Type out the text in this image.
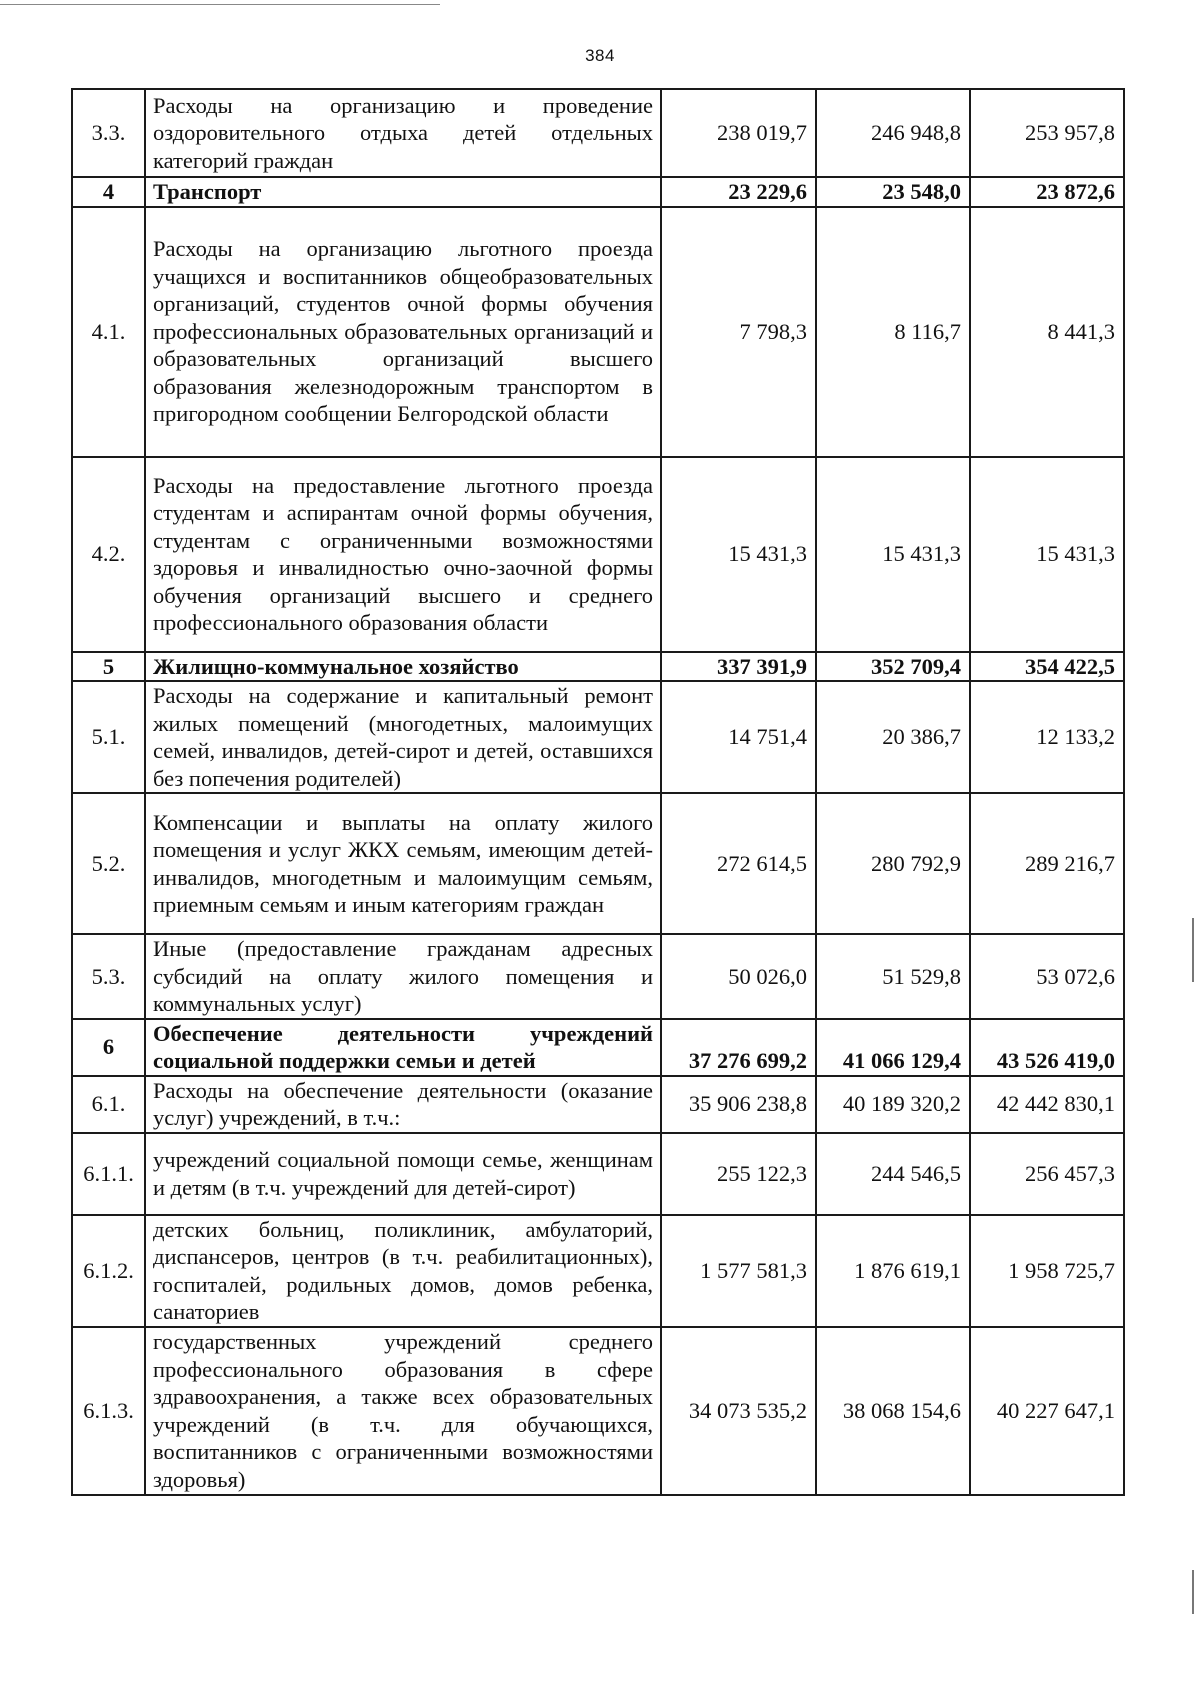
384
3.3.	Расходы на организацию и проведение оздоровительного отдыха детей отдельных категорий граждан	238 019,7	246 948,8	253 957,8
4	Транспорт	23 229,6	23 548,0	23 872,6
4.1.	Расходы на организацию льготного проезда учащихся и воспитанников общеобразовательных организаций, студентов очной формы обучения профессиональных образовательных организаций и образовательных организаций высшего образования железнодорожным транспортом в пригородном сообщении Белгородской области	7 798,3	8 116,7	8 441,3
4.2.	Расходы на предоставление льготного проезда студентам и аспирантам очной формы обучения, студентам с ограниченными возможностями здоровья и инвалидностью очно-заочной формы обучения организаций высшего и среднего профессионального образования области	15 431,3	15 431,3	15 431,3
5	Жилищно-коммунальное хозяйство	337 391,9	352 709,4	354 422,5
5.1.	Расходы на содержание и капитальный ремонт жилых помещений (многодетных, малоимущих семей, инвалидов, детей-сирот и детей, оставшихся без попечения родителей)	14 751,4	20 386,7	12 133,2
5.2.	Компенсации и выплаты на оплату жилого помещения и услуг ЖКХ семьям, имеющим детей-инвалидов, многодетным и малоимущим семьям, приемным семьям и иным категориям граждан	272 614,5	280 792,9	289 216,7
5.3.	Иные (предоставление гражданам адресных субсидий на оплату жилого помещения и коммунальных услуг)	50 026,0	51 529,8	53 072,6
6	Обеспечение деятельности учреждений социальной поддержки семьи и детей	37 276 699,2	41 066 129,4	43 526 419,0
6.1.	Расходы на обеспечение деятельности (оказание услуг) учреждений, в т.ч.:	35 906 238,8	40 189 320,2	42 442 830,1
6.1.1.	учреждений социальной помощи семье, женщинам и детям (в т.ч. учреждений для детей-сирот)	255 122,3	244 546,5	256 457,3
6.1.2.	детских больниц, поликлиник, амбулаторий, диспансеров, центров (в т.ч. реабилитационных), госпиталей, родильных домов, домов ребенка, санаториев	1 577 581,3	1 876 619,1	1 958 725,7
6.1.3.	государственных учреждений среднего профессионального образования в сфере здравоохранения, а также всех образовательных учреждений (в т.ч. для обучающихся, воспитанников с ограниченными возможностями здоровья)	34 073 535,2	38 068 154,6	40 227 647,1
